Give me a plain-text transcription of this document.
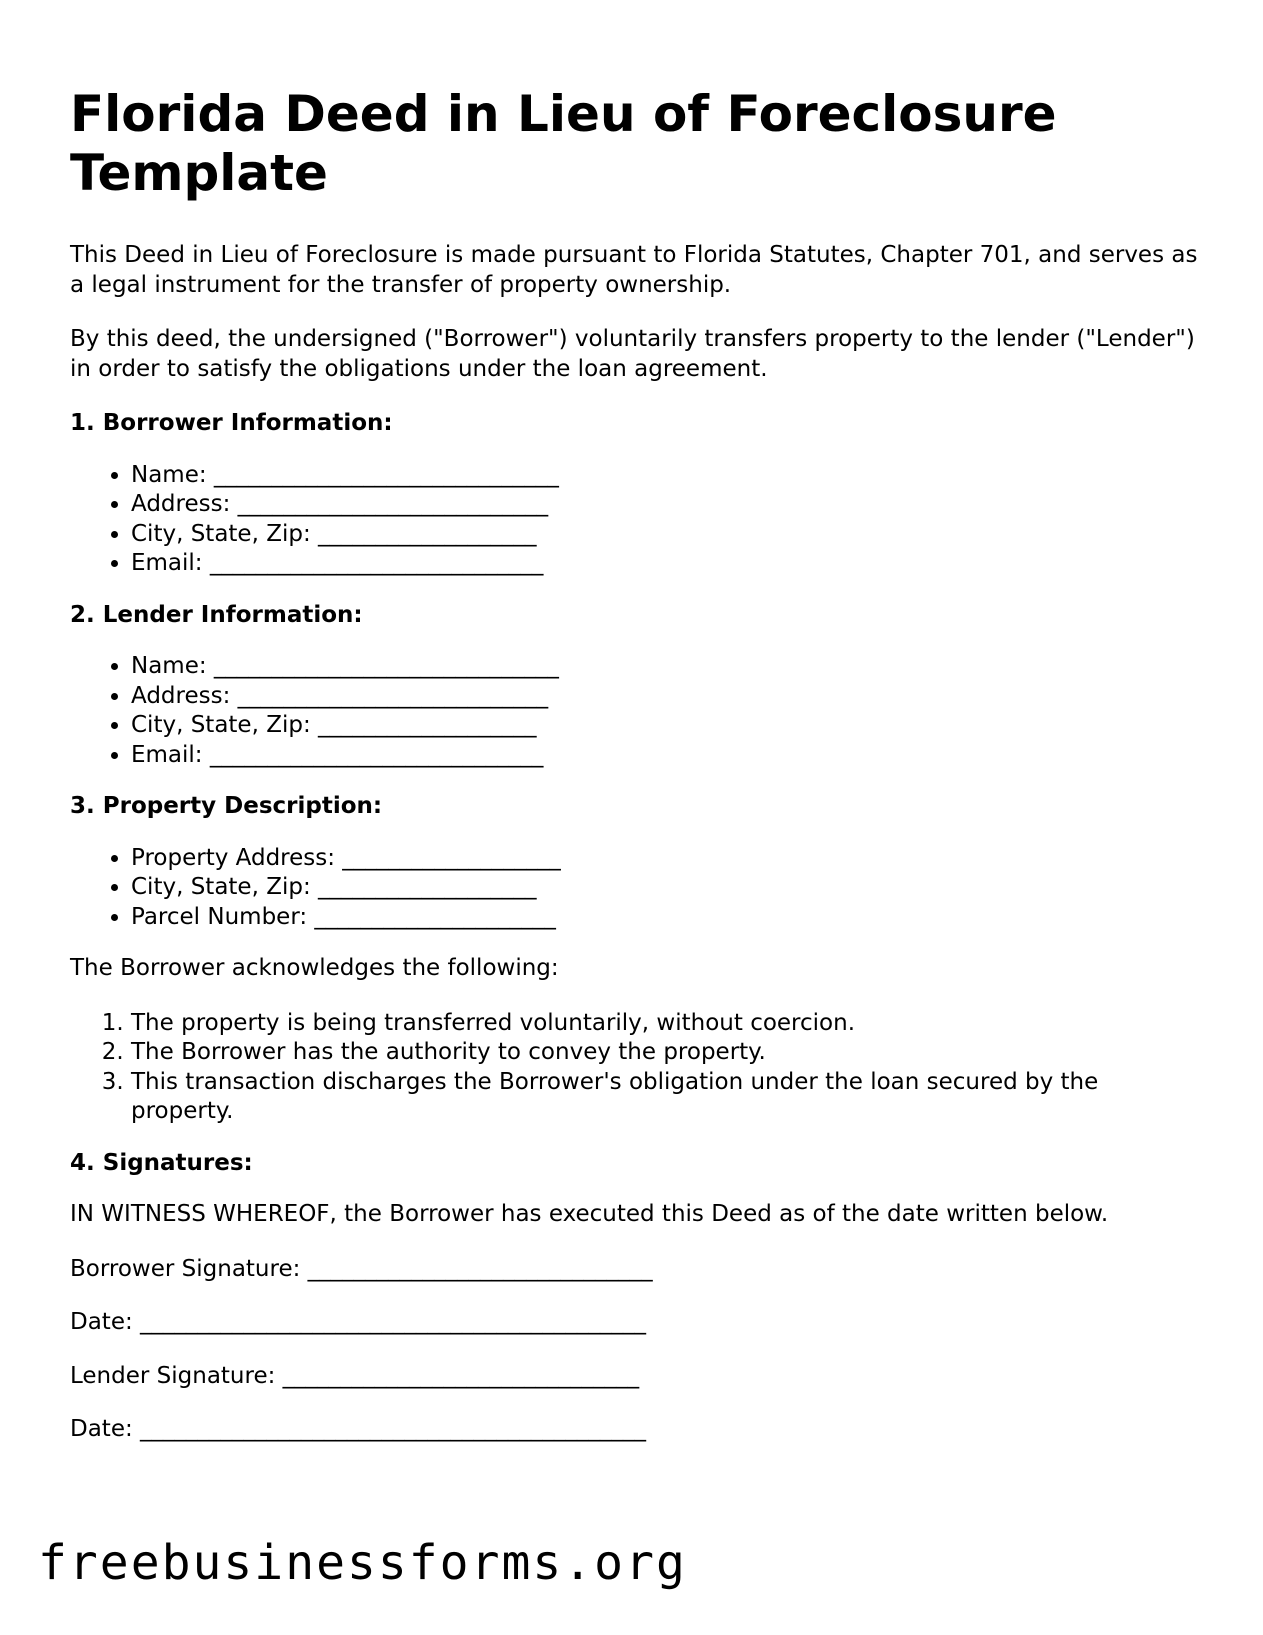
Florida Deed in Lieu of Foreclosure Template

This Deed in Lieu of Foreclosure is made pursuant to Florida Statutes, Chapter 701, and serves as a legal instrument for the transfer of property ownership.

By this deed, the undersigned ("Borrower") voluntarily transfers property to the lender ("Lender") in order to satisfy the obligations under the loan agreement.

1. Borrower Information:
• Name: ______________________________
• Address: ___________________________
• City, State, Zip: ___________________
• Email: _____________________________
2. Lender Information:
• Name: ______________________________
• Address: ___________________________
• City, State, Zip: ___________________
• Email: _____________________________
3. Property Description:
• Property Address: ___________________
• City, State, Zip: ___________________
• Parcel Number: _____________________

The Borrower acknowledges the following:

1. The property is being transferred voluntarily, without coercion.
2. The Borrower has the authority to convey the property.
3. This transaction discharges the Borrower's obligation under the loan secured by the property.
4. Signatures:

IN WITNESS WHEREOF, the Borrower has executed this Deed as of the date written below.

Borrower Signature: ______________________________
Date: ____________________________________________
Lender Signature: _______________________________
Date: ____________________________________________
freebusinessforms.org
